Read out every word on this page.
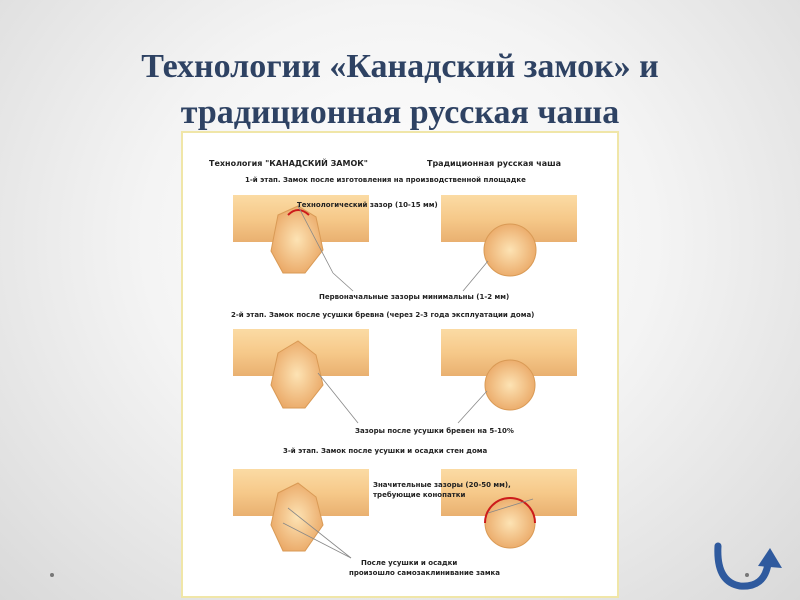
Технологии «Канадский замок» и
традиционная русская чаша
Технология "КАНАДСКИЙ ЗАМОК"	Традиционная русская чаша
1-й этап. Замок после изготовления на производственной площадке
Технологический зазор (10-15 мм)
Первоначальные зазоры минимальны (1-2 мм)
2-й этап. Замок после усушки бревна (через 2-3 года эксплуатации дома)
Зазоры после усушки бревен на 5-10%
3-й этап. Замок после усушки и осадки стен дома
Значительные зазоры (20-50 мм),
требующие конопатки
После усушки и осадки
произошло самозаклинивание замка
